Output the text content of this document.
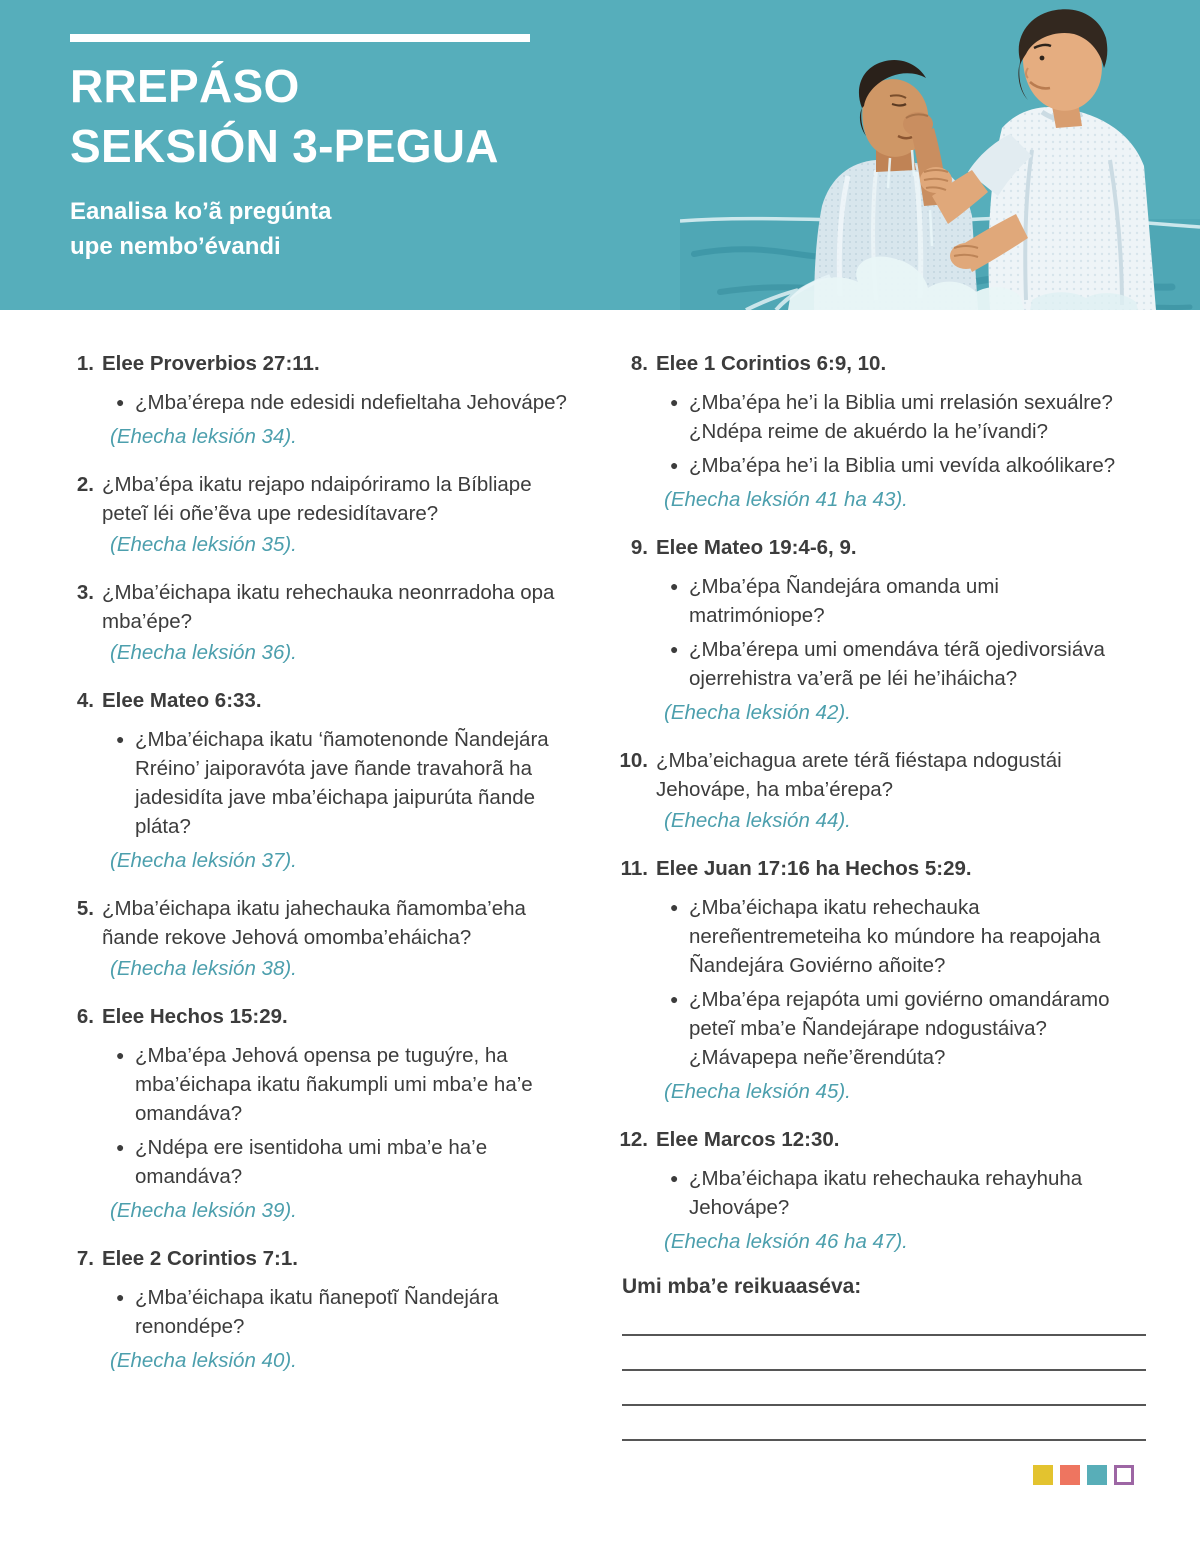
RREPÁSO
SEKSIÓN 3-PEGUA
Eanalisa ko’ã pregúnta
upe nembo’évandi
1. Elee Proverbios 27:11.
● ¿Mba’érepa nde edesidi ndefieltaha Jehovápe?
(Ehecha leksión 34).
2. ¿Mba’épa ikatu rejapo ndaipóriramo la Bíbliape peteĩ léi oñe’ẽva upe redesidítavare?
(Ehecha leksión 35).
3. ¿Mba’éichapa ikatu rehechauka neonrradoha opa mba’épe?
(Ehecha leksión 36).
4. Elee Mateo 6:33.
● ¿Mba’éichapa ikatu ‘ñamotenonde Ñandejára Rréino’ jaiporavóta jave ñande travahorã ha jadesidíta jave mba’éichapa jaipurúta ñande pláta?
(Ehecha leksión 37).
5. ¿Mba’éichapa ikatu jahechauka ñamomba’eha ñande rekove Jehová omomba’eháicha?
(Ehecha leksión 38).
6. Elee Hechos 15:29.
● ¿Mba’épa Jehová opensa pe tuguýre, ha mba’éichapa ikatu ñakumpli umi mba’e ha’e omandáva?
● ¿Ndépa ere isentidoha umi mba’e ha’e omandáva?
(Ehecha leksión 39).
7. Elee 2 Corintios 7:1.
● ¿Mba’éichapa ikatu ñanepotĩ Ñandejára renondépe?
(Ehecha leksión 40).
8. Elee 1 Corintios 6:9, 10.
● ¿Mba’épa he’i la Biblia umi rrelasión sexuálre? ¿Ndépa reime de akuérdo la he’ívandi?
● ¿Mba’épa he’i la Biblia umi vevída alkoólikare?
(Ehecha leksión 41 ha 43).
9. Elee Mateo 19:4-6, 9.
● ¿Mba’épa Ñandejára omanda umi matrimóniope?
● ¿Mba’érepa umi omendáva térã ojedivorsiáva ojerrehistra va’erã pe léi he’iháicha?
(Ehecha leksión 42).
10. ¿Mba’eichagua arete térã fiéstapa ndogustái Jehovápe, ha mba’érepa?
(Ehecha leksión 44).
11. Elee Juan 17:16 ha Hechos 5:29.
● ¿Mba’éichapa ikatu rehechauka nereñentremeteiha ko múndore ha reapojaha Ñandejára Goviérno añoite?
● ¿Mba’épa rejapóta umi goviérno omandáramo peteĩ mba’e Ñandejárape ndogustáiva? ¿Mávapepa neñe’ẽrendúta?
(Ehecha leksión 45).
12. Elee Marcos 12:30.
● ¿Mba’éichapa ikatu rehechauka rehayhuha Jehovápe?
(Ehecha leksión 46 ha 47).
Umi mba’e reikuaaséva:
